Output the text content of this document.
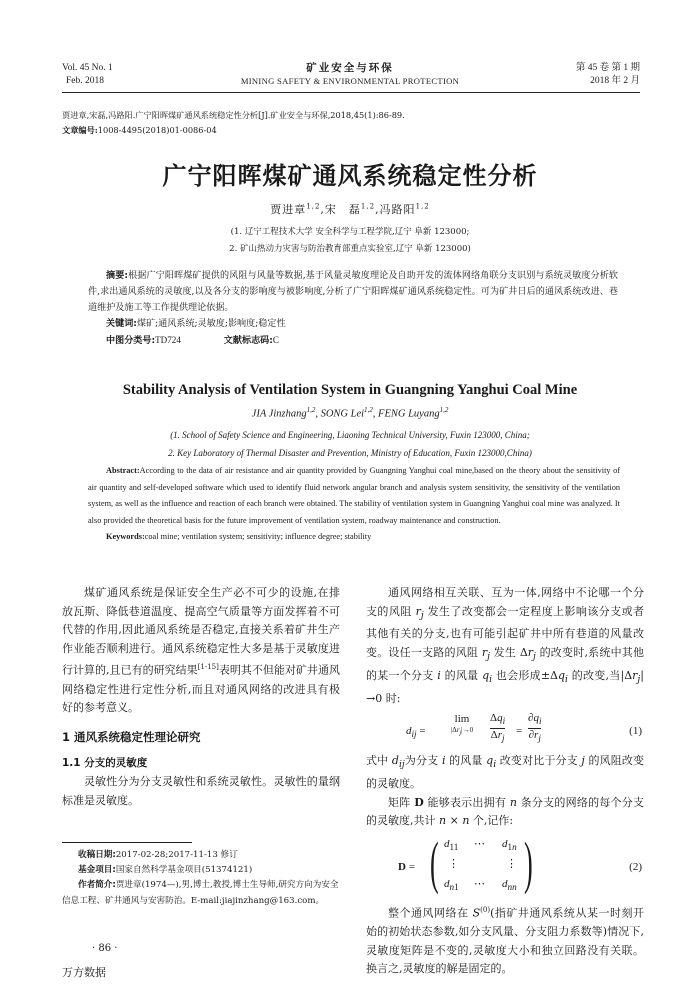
Vol. 45 No. 1
Feb. 2018
矿业安全与环保
MINING SAFETY & ENVIRONMENTAL PROTECTION
第 45 卷 第 1 期
2018 年 2 月
贾进章,宋磊,冯路阳.广宁阳晖煤矿通风系统稳定性分析[J].矿业安全与环保,2018,45(1):86-89.
文章编号:1008-4495(2018)01-0086-04
广宁阳晖煤矿通风系统稳定性分析
贾进章$^{1,2}$,宋　磊$^{1,2}$,冯路阳$^{1,2}$
(1. 辽宁工程技术大学 安全科学与工程学院,辽宁 阜新 123000;
2. 矿山热动力灾害与防治教育部重点实验室,辽宁 阜新 123000)
摘要:根据广宁阳晖煤矿提供的风阻与风量等数据,基于风量灵敏度理论及自助开发的流体网络角联分支识别与系统灵敏度分析软件,求出通风系统的灵敏度,以及各分支的影响度与被影响度,分析了广宁阳晖煤矿通风系统稳定性。可为矿井日后的通风系统改进、巷道维护及施工等工作提供理论依据。
关键词:煤矿;通风系统;灵敏度;影响度;稳定性
中图分类号:TD724	文献标志码:C
Stability Analysis of Ventilation System in Guangning Yanghui Coal Mine
JIA Jinzhang$^{1,2}$, SONG Lei$^{1,2}$, FENG Luyang$^{1,2}$
(1. School of Safety Science and Engineering, Liaoning Technical University, Fuxin 123000, China;
2. Key Laboratory of Thermal Disaster and Prevention, Ministry of Education, Fuxin 123000,China)
Abstract:According to the data of air resistance and air quantity provided by Guangning Yanghui coal mine,based on the theory about the sensitivity of air quantity and self-developed software which used to identify fluid network angular branch and analysis system sensitivity, the sensitivity of the ventilation system, as well as the influence and reaction of each branch were obtained. The stability of ventilation system in Guangning Yanghui coal mine was analyzed. It also provided the theoretical basis for the future improvement of ventilation system, roadway maintenance and construction.
Keywords:coal mine; ventilation system; sensitivity; influence degree; stability
煤矿通风系统是保证安全生产必不可少的设施,在排放瓦斯、降低巷道温度、提高空气质量等方面发挥着不可代替的作用,因此通风系统是否稳定,直接关系着矿井生产作业能否顺利进行。通风系统稳定性大多是基于灵敏度进行计算的,且已有的研究结果[1-15]表明其不但能对矿井通风网络稳定性进行定性分析,而且对通风网络的改进具有极好的参考意义。
1 通风系统稳定性理论研究
1.1 分支的灵敏度
灵敏性分为分支灵敏性和系统灵敏性。灵敏性的量纲标准是灵敏度。
收稿日期:2017-02-28;2017-11-13 修订
基金项目:国家自然科学基金项目(51374121)
作者简介:贾进章(1974—),男,博士,教授,博士生导师,研究方向为安全信息工程、矿井通风与安害防治。E-mail:jiajinzhang@163.com。
· 86 ·
万方数据
通风网络相互关联、互为一体,网络中不论哪一个分支的风阻 $r_j$ 发生了改变都会一定程度上影响该分支或者其他有关的分支,也有可能引起矿井中所有巷道的风量改变。设任一支路的风阻 $r_j$ 发生 $\Delta r_j$ 的改变时,系统中其他的某一个分支 i 的风量 $q_i$ 也会形成$\pm\Delta q_i$ 的改变,当$|\Delta r_j|\to 0$ 时:
$d_{ij}$ =
lim
$|\Delta r_j|\to 0$
$\Delta q_i$
$\Delta r_j$
= $\frac{\partial q_i}{\partial r_j}$	(1)
式中 $d_{ij}$为分支 i 的风量 $q_i$ 改变对比于分支 j 的风阻改变的灵敏度。
矩阵 D 能够表示出拥有 n 条分支的网络的每个分支的灵敏度,共计 n × n 个,记作:
D = ( $d_{11}$ ⋯ $d_{1n}$
⋮	⋮
$d_{n1}$ ⋯ $d_{nn}$ )	(2)
整个通风网络在 $S^{(0)}$(指矿井通风系统从某一时刻开始的初始状态参数,如分支风量、分支阻力系数等)情况下,灵敏度矩阵是不变的,灵敏度大小和独立回路没有关联。换言之,灵敏度的解是固定的。
